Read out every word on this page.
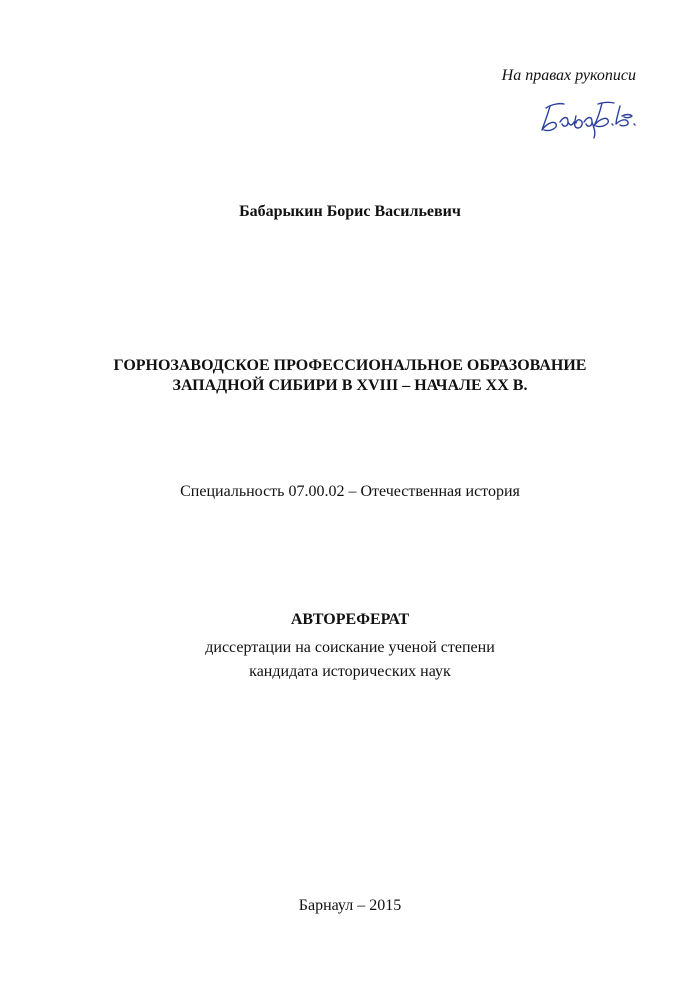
На правах рукописи
Бабарыкин Борис Васильевич
ГОРНОЗАВОДСКОЕ ПРОФЕССИОНАЛЬНОЕ ОБРАЗОВАНИЕ
ЗАПАДНОЙ СИБИРИ В XVIII – НАЧАЛЕ XX В.
Специальность 07.00.02 – Отечественная история
АВТОРЕФЕРАТ
диссертации на соискание ученой степени
кандидата исторических наук
Барнаул – 2015
